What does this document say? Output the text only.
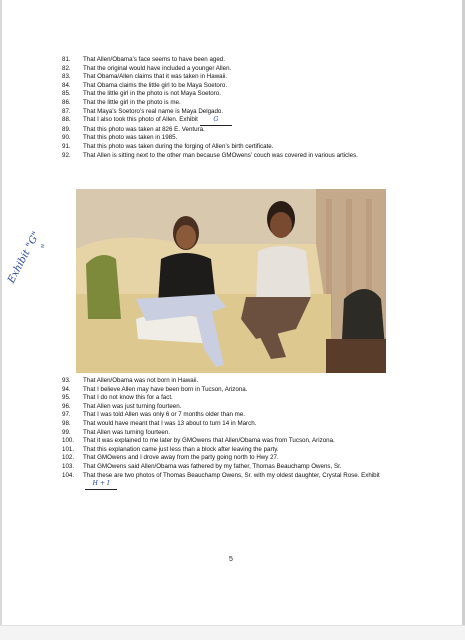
81. That Allen/Obama’s face seems to have been aged.
82. That the original would have included a younger Allen.
83. That Obama/Allen claims that it was taken in Hawaii.
84. That Obama claims the little girl to be Maya Soetoro.
85. That the little girl in the photo is not Maya Soetoro.
86. That the little girl in the photo is me.
87. That Maya’s Soetoro’s real name is Maya Delgado.
88. That I also took this photo of Allen. Exhibit	G
89. That this photo was taken at 826 E. Ventura.
90. That this photo was taken in 1985.
91. That this photo was taken during the forging of Allen’s birth certificate.
92. That Allen is sitting next to the other man because GMOwens’ couch was covered in various articles.
"
Exhibit "G"
93. That Allen/Obama was not born in Hawaii.
94. That I believe Allen may have been born in Tucson, Arizona.
95. That I do not know this for a fact.
96. That Allen was just turning fourteen.
97. That I was told Allen was only 6 or 7 months older than me.
98. That would have meant that I was 13 about to turn 14 in March.
99. That Allen was turning fourteen.
100. That it was explained to me later by GMOwens that Allen/Obama was from Tucson, Arizona.
101. That this explanation came just less than a block after leaving the party.
102. That GMOwens and I drove away from the party going north to Hwy 27.
103. That GMOwens said Allen/Obama was fathered by my father, Thomas Beauchamp Owens, Sr.
104. That these are two photos of Thomas Beauchamp Owens, Sr. with my oldest daughter, Crystal Rose. ExhibitH + I
5
